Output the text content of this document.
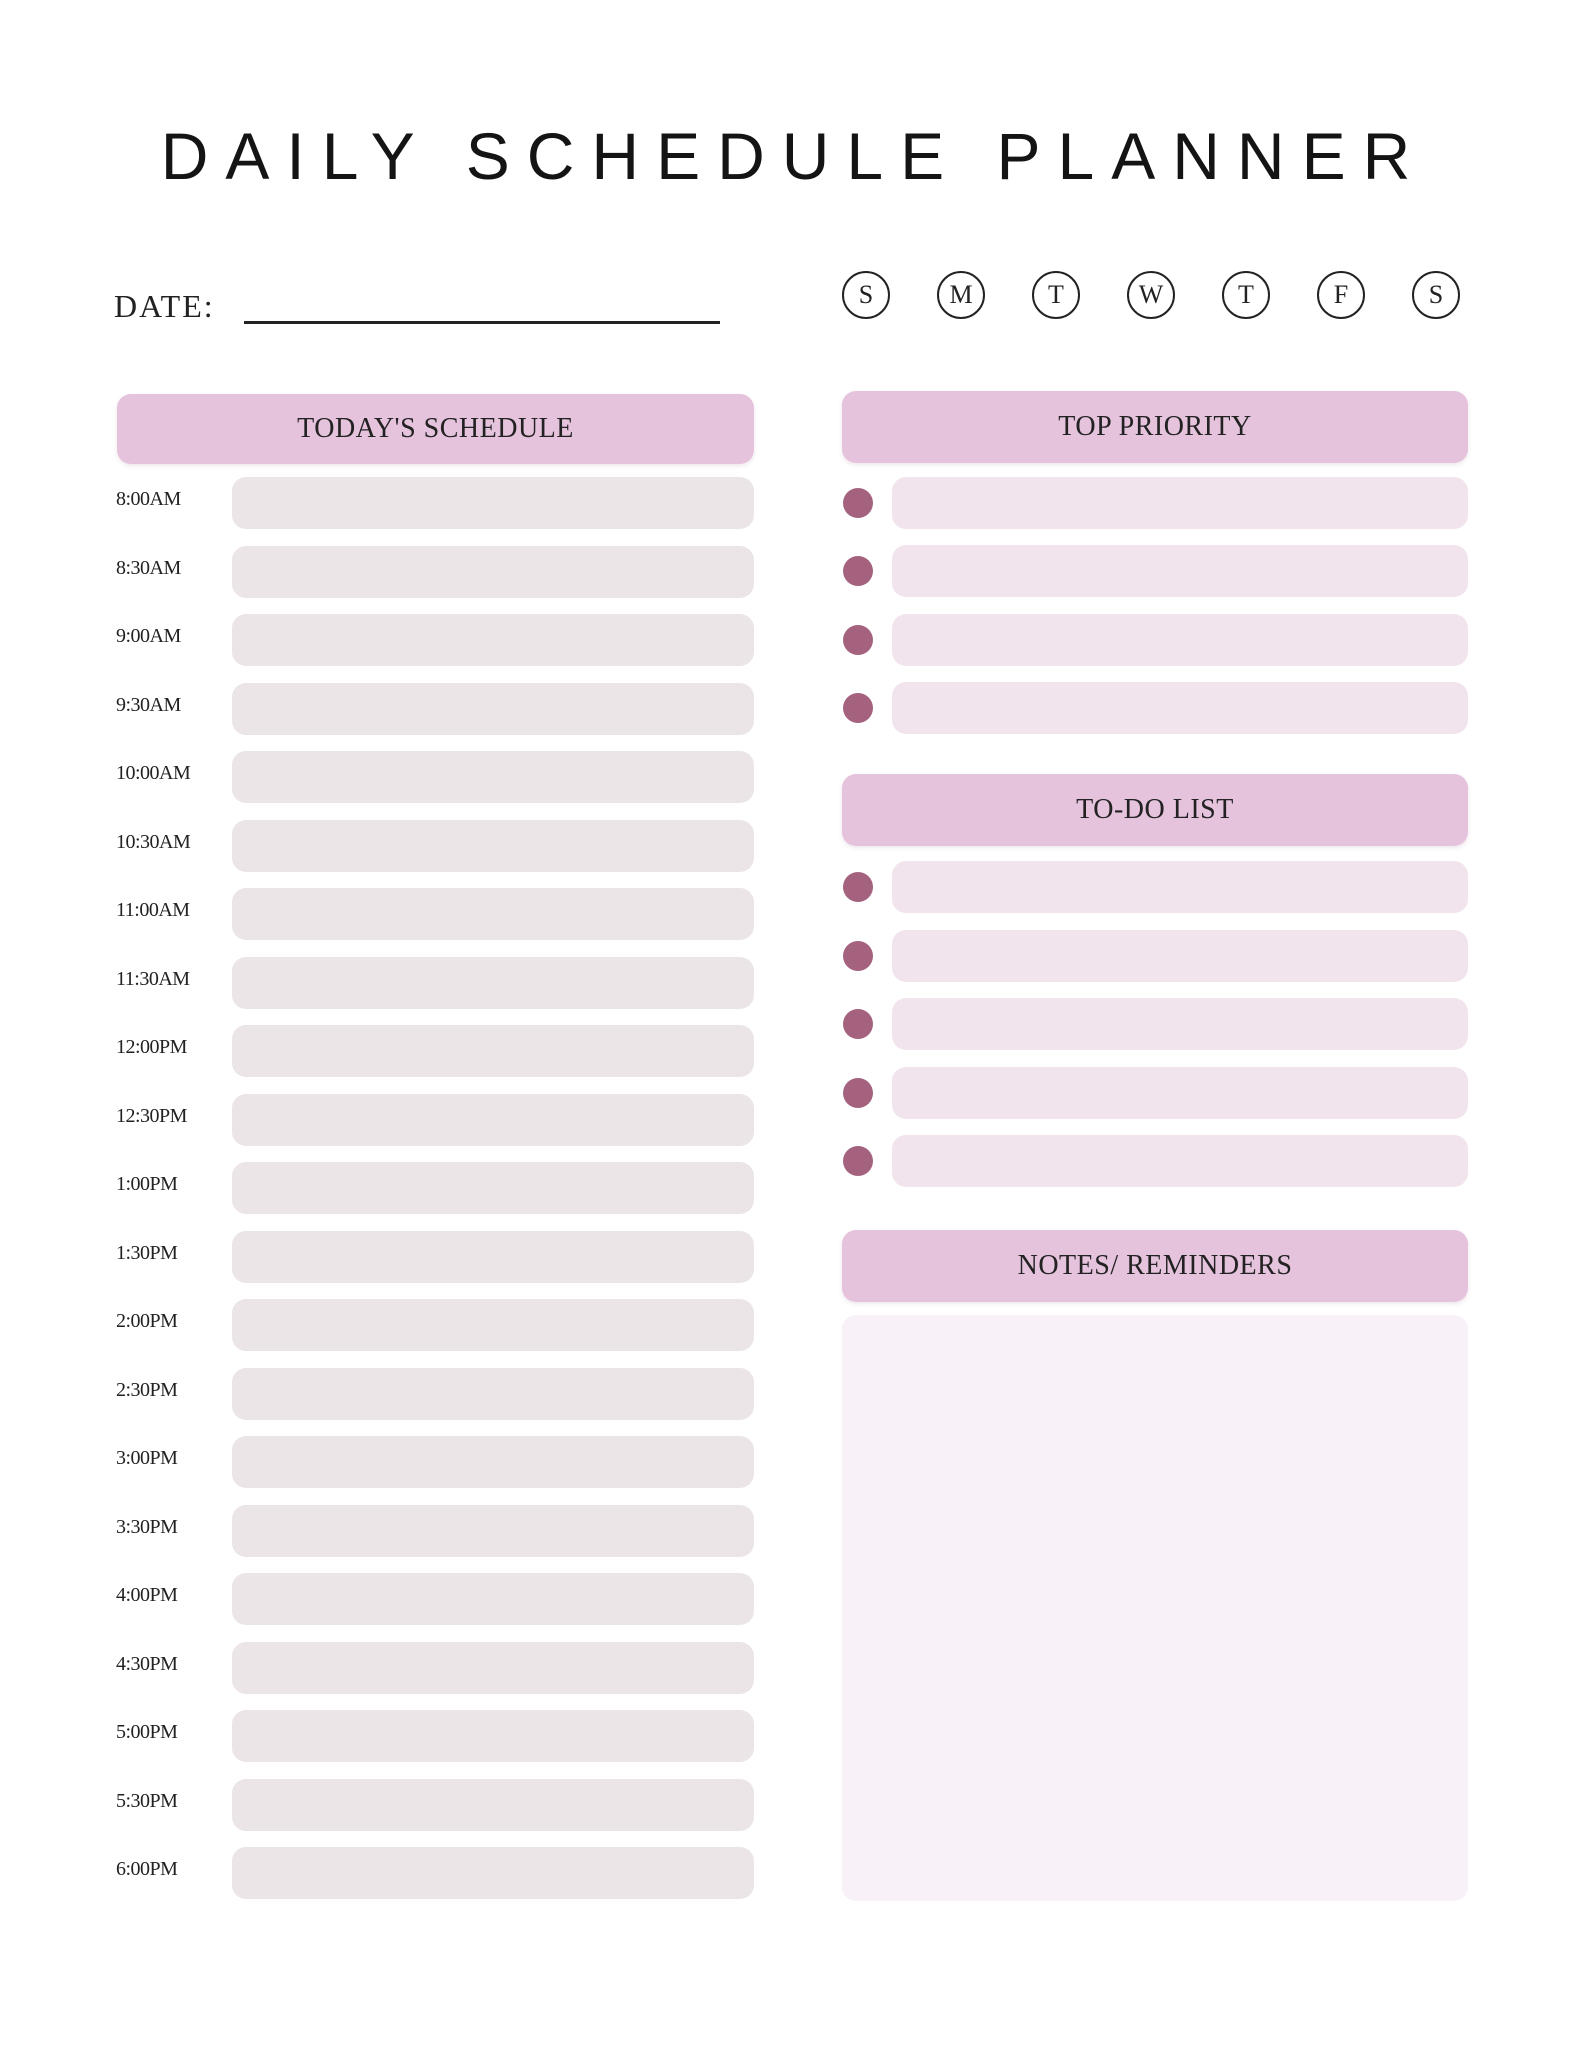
DAILY SCHEDULE PLANNER
DATE:	S	M	T	W	T	F	S
TODAY'S SCHEDULE
8:00AM
8:30AM
9:00AM
9:30AM
10:00AM
10:30AM
11:00AM
11:30AM
12:00PM
12:30PM
1:00PM
1:30PM
2:00PM
2:30PM
3:00PM
3:30PM
4:00PM
4:30PM
5:00PM
5:30PM
6:00PM
TOP PRIORITY
TO-DO LIST
NOTES/ REMINDERS
